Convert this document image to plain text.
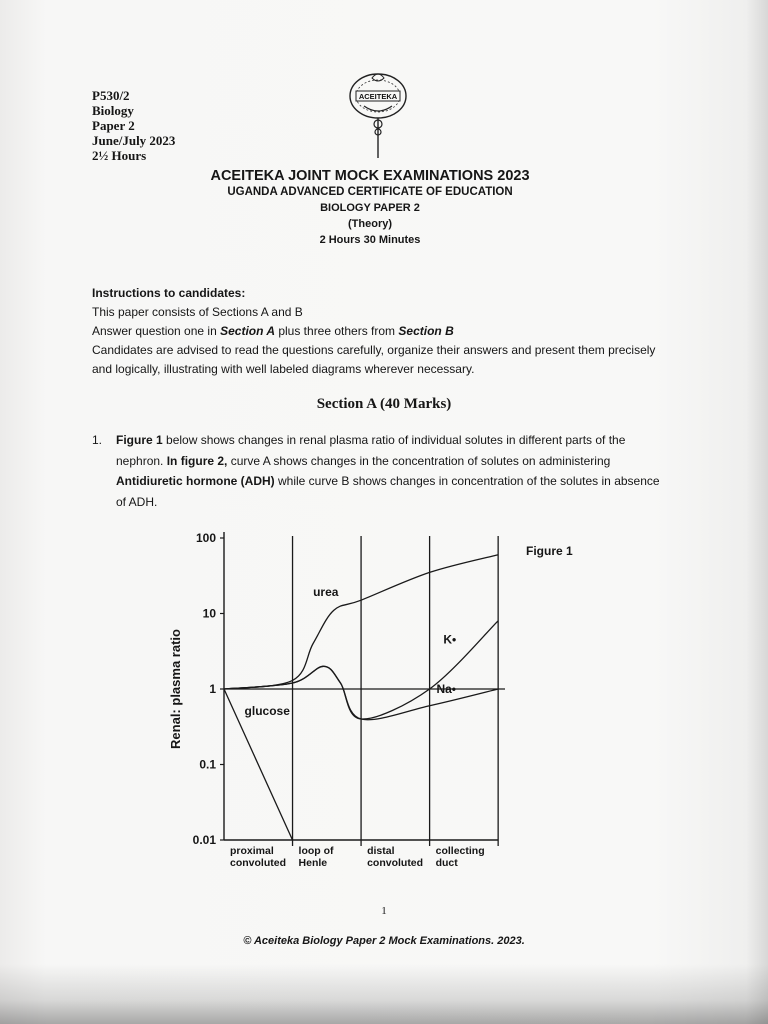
P530/2
Biology
Paper 2
June/July 2023
2½ Hours
ACEITEKA
ACEITEKA JOINT MOCK EXAMINATIONS 2023
UGANDA ADVANCED CERTIFICATE OF EDUCATION
BIOLOGY PAPER 2
(Theory)
2 Hours 30 Minutes
Instructions to candidates:
This paper consists of Sections A and B
Answer question one in Section A plus three others from Section B
Candidates are advised to read the questions carefully, organize their answers and present them precisely and logically, illustrating with well labeled diagrams wherever necessary.
Section A (40 Marks)
1. Figure 1 below shows changes in renal plasma ratio of individual solutes in different parts of the nephron. In figure 2, curve A shows changes in the concentration of solutes on administering Antidiuretic hormone (ADH) while curve B shows changes in concentration of the solutes in absence of ADH.
100
10
1
0.1
0.01
Renal: plasma ratio
proximal
convoluted
loop of
Henle
distal
convoluted
collecting
duct
urea
K•
Na•
glucose
Figure 1
1
© Aceiteka Biology Paper 2 Mock Examinations. 2023.
